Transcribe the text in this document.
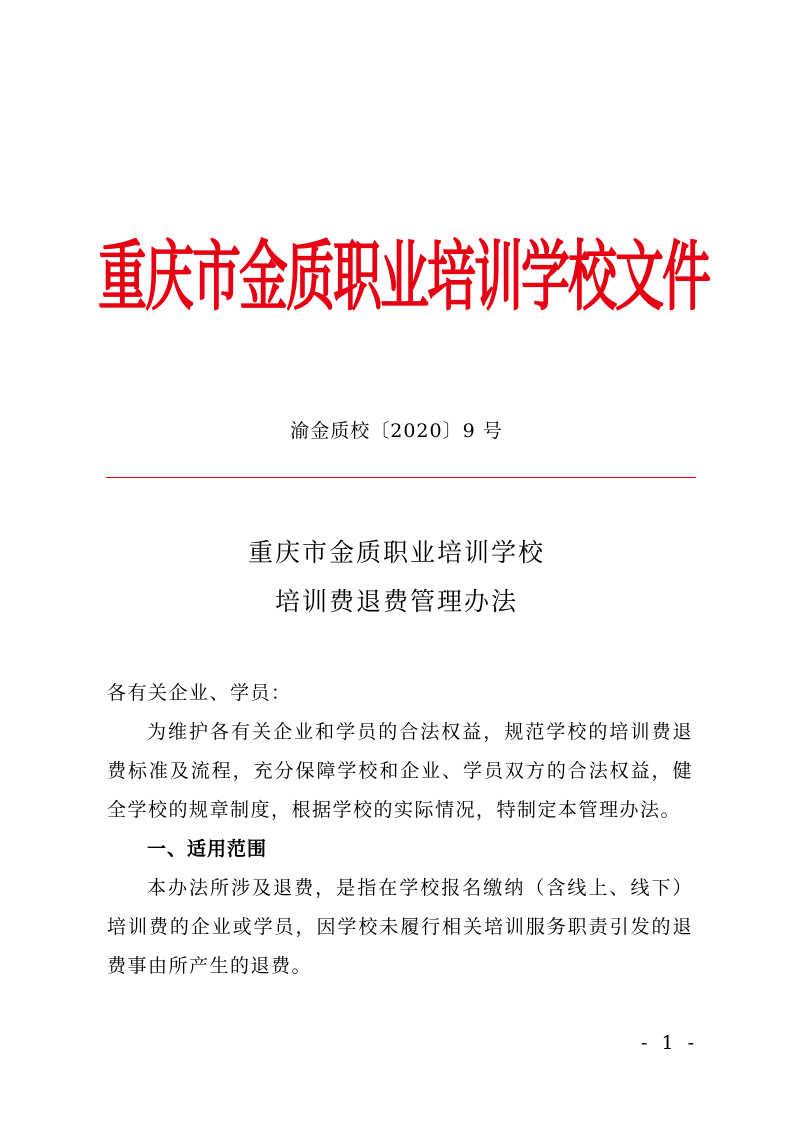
重庆市金质职业培训学校文件
渝金质校〔2020〕9 号
重庆市金质职业培训学校
培训费退费管理办法
各有关企业、学员：
为维护各有关企业和学员的合法权益，规范学校的培训费退费标准及流程，充分保障学校和企业、学员双方的合法权益，健全学校的规章制度，根据学校的实际情况，特制定本管理办法。
一、适用范围
本办法所涉及退费，是指在学校报名缴纳（含线上、线下）培训费的企业或学员，因学校未履行相关培训服务职责引发的退费事由所产生的退费。
- 1 -
